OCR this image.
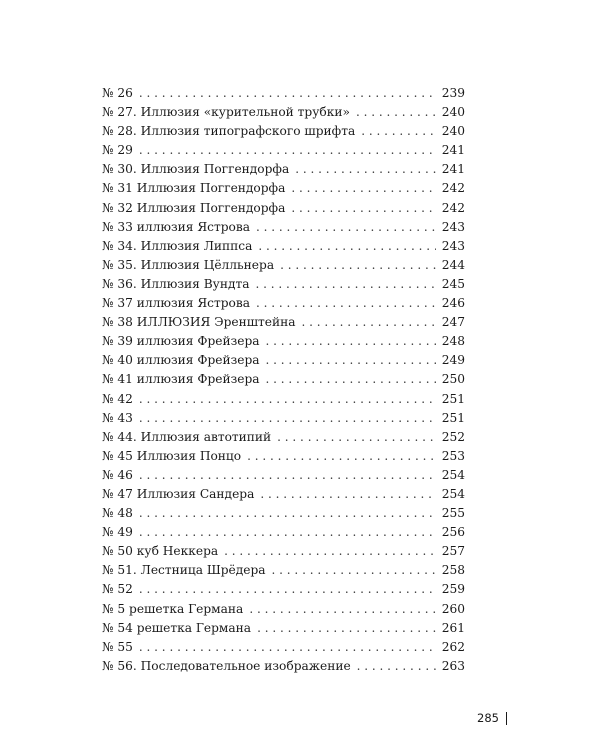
№ 26 . . .	239
№ 27. Иллюзия «курительной трубки» . . .	240
№ 28. Иллюзия типографского шрифта . . .	240
№ 29 . . .	241
№ 30. Иллюзия Поггендорфа . . .	241
№ 31 Иллюзия Поггендорфа . . .	242
№ 32 Иллюзия Поггендорфа . . .	242
№ 33 иллюзия Ястрова . . .	243
№ 34. Иллюзия Липпса . . .	243
№ 35. Иллюзия Цёлльнера . . .	244
№ 36. Иллюзия Вундта . . .	245
№ 37 иллюзия Ястрова . . .	246
№ 38 ИЛЛЮЗИЯ Эренштейна . . .	247
№ 39 иллюзия Фрейзера . . .	248
№ 40 иллюзия Фрейзера . . .	249
№ 41 иллюзия Фрейзера . . .	250
№ 42 . . .	251
№ 43 . . .	251
№ 44. Иллюзия автотипий . . .	252
№ 45 Иллюзия Понцо . . .	253
№ 46 . . .	254
№ 47 Иллюзия Сандера . . .	254
№ 48 . . .	255
№ 49 . . .	256
№ 50 куб Неккера . . .	257
№ 51. Лестница Шрёдера . . .	258
№ 52 . . .	259
№ 5 решетка Германа . . .	260
№ 54 решетка Германа . . .	261
№ 55 . . .	262
№ 56. Последовательное изображение . . .	263
285
